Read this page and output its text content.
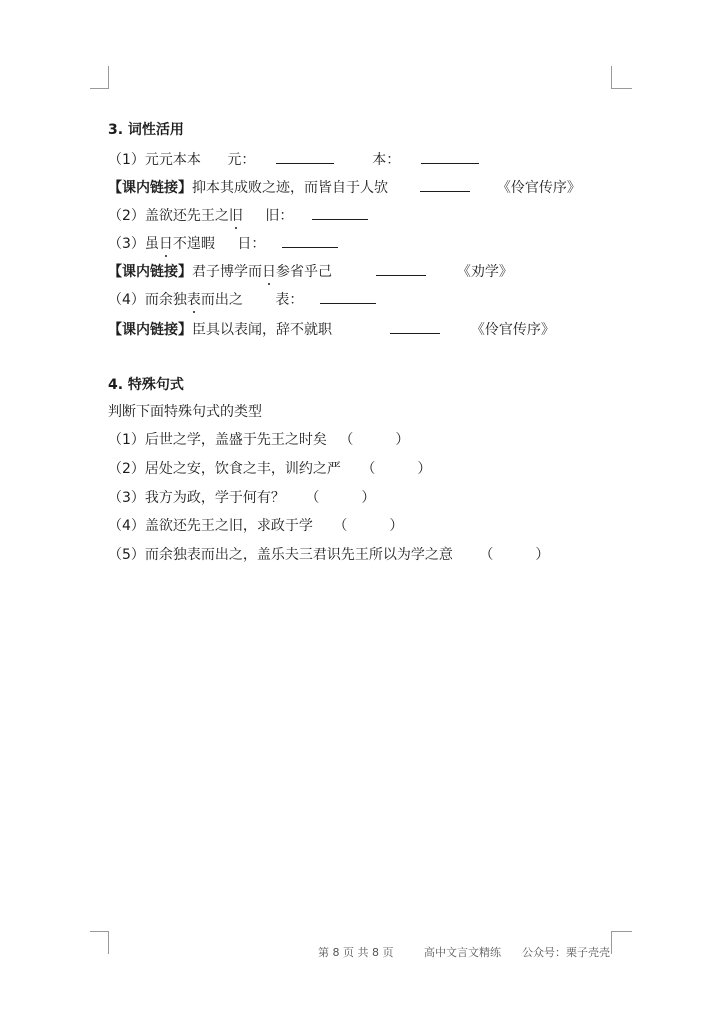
3. 词性活用
（1）元元本本 元：	本：
【课内链接】抑本其成败之迹，而皆自于人欤	《伶官传序》
（2）盖欲还先王之旧 旧：
（3）虽日不遑暇 日：
【课内链接】君子博学而日参省乎己	《劝学》
（4）而余独表而出之 表：
【课内链接】臣具以表闻，辞不就职	《伶官传序》
4. 特殊句式
判断下面特殊句式的类型
（1）后世之学，盖盛于先王之时矣 （　　　）
（2）居处之安，饮食之丰，训约之严 （　　　）
（3）我方为政，学于何有？ （　　　）
（4）盖欲还先王之旧，求政于学 （　　　）
（5）而余独表而出之，盖乐夫三君识先王所以为学之意 （　　　）
第 8 页 共 8 页	高中文言文精练 公众号：栗子壳壳
